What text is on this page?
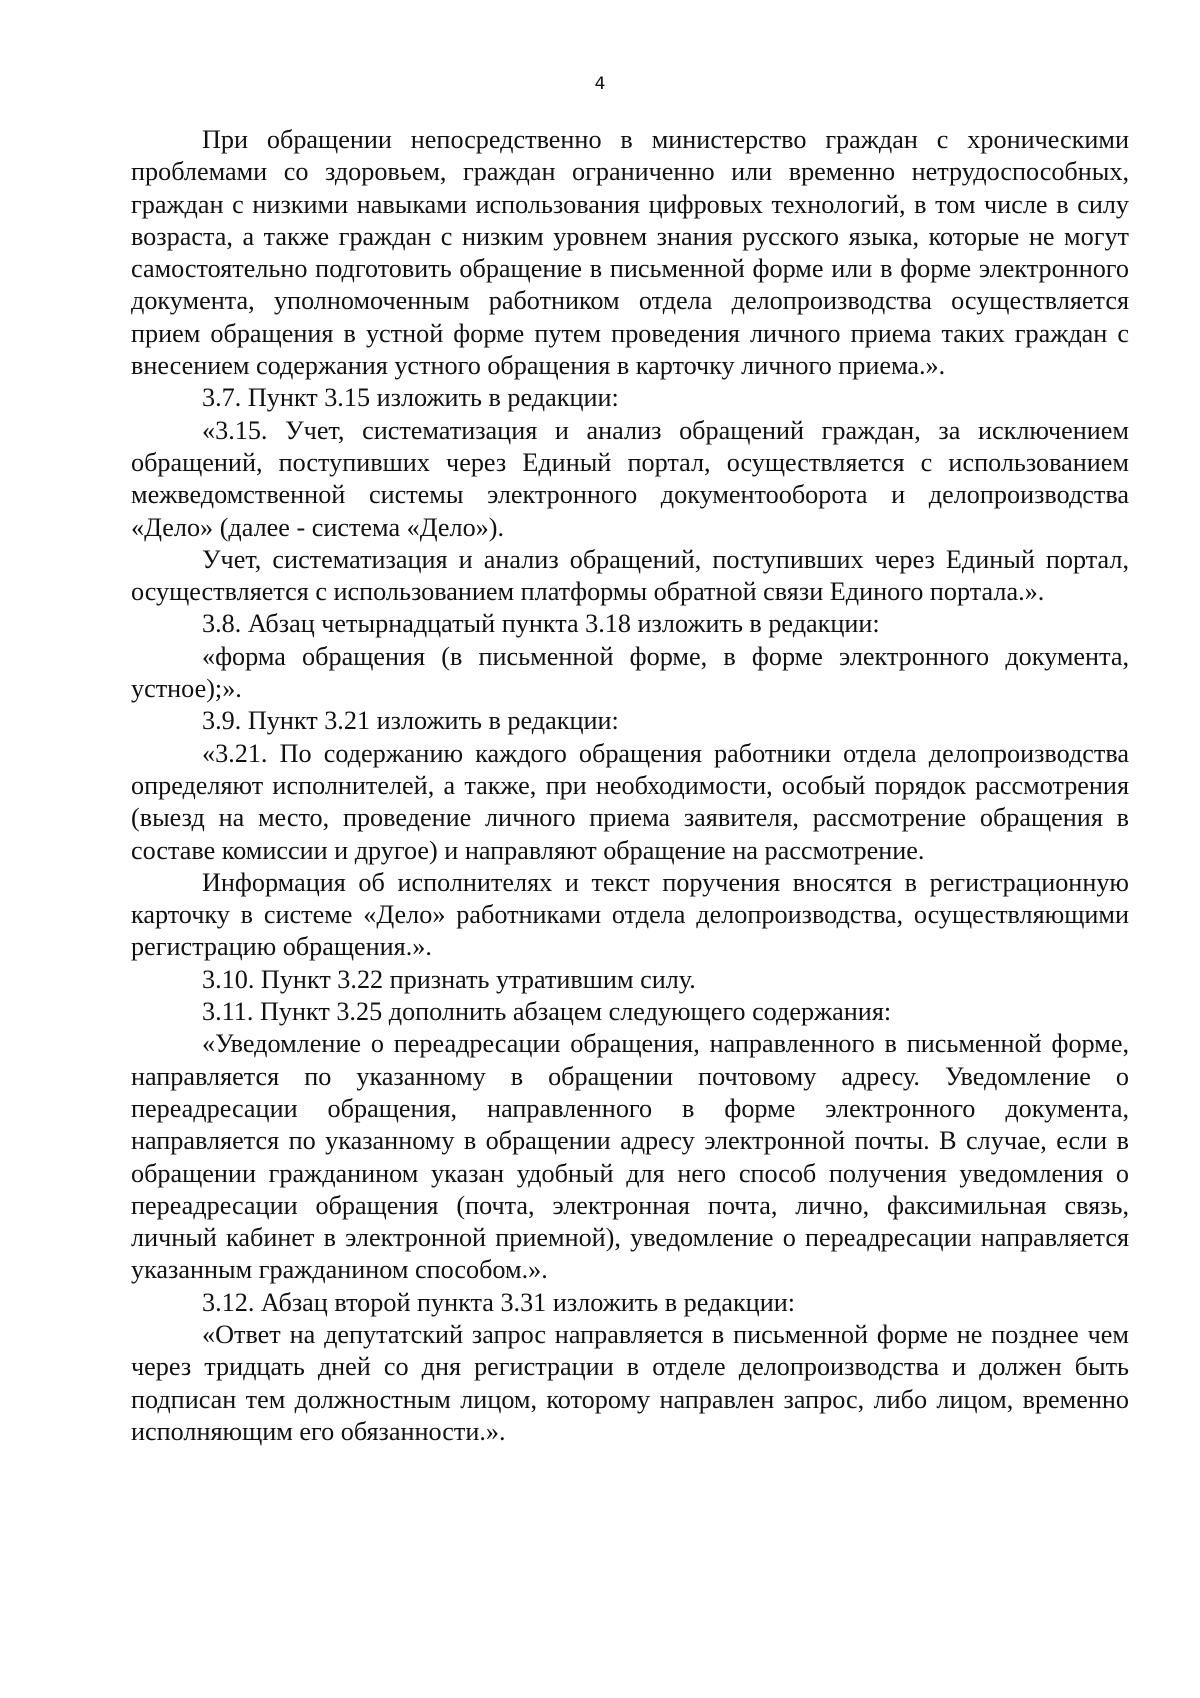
4

При обращении непосредственно в министерство граждан с хроническими проблемами со здоровьем, граждан ограниченно или временно нетрудоспособных, граждан с низкими навыками использования цифровых технологий, в том числе в силу возраста, а также граждан с низким уровнем знания русского языка, которые не могут самостоятельно подготовить обращение в письменной форме или в форме электронного документа, уполномоченным работником отдела делопроизводства осуществляется прием обращения в устной форме путем проведения личного приема таких граждан с внесением содержания устного обращения в карточку личного приема.».

3.7. Пункт 3.15 изложить в редакции:

«3.15. Учет, систематизация и анализ обращений граждан, за исключением обращений, поступивших через Единый портал, осуществляется с использованием межведомственной системы электронного документооборота и делопроизводства «Дело» (далее - система «Дело»).

Учет, систематизация и анализ обращений, поступивших через Единый портал, осуществляется с использованием платформы обратной связи Единого портала.».

3.8. Абзац четырнадцатый пункта 3.18 изложить в редакции:

«форма обращения (в письменной форме, в форме электронного документа, устное);».

3.9. Пункт 3.21 изложить в редакции:

«3.21. По содержанию каждого обращения работники отдела делопроизводства определяют исполнителей, а также, при необходимости, особый порядок рассмотрения (выезд на место, проведение личного приема заявителя, рассмотрение обращения в составе комиссии и другое) и направляют обращение на рассмотрение.

Информация об исполнителях и текст поручения вносятся в регистрационную карточку в системе «Дело» работниками отдела делопроизводства, осуществляющими регистрацию обращения.».

3.10. Пункт 3.22 признать утратившим силу.

3.11. Пункт 3.25 дополнить абзацем следующего содержания:

«Уведомление о переадресации обращения, направленного в письменной форме, направляется по указанному в обращении почтовому адресу. Уведомление о переадресации обращения, направленного в форме электронного документа, направляется по указанному в обращении адресу электронной почты. В случае, если в обращении гражданином указан удобный для него способ получения уведомления о переадресации обращения (почта, электронная почта, лично, факсимильная связь, личный кабинет в электронной приемной), уведомление о переадресации направляется указанным гражданином способом.».

3.12. Абзац второй пункта 3.31 изложить в редакции:

«Ответ на депутатский запрос направляется в письменной форме не позднее чем через тридцать дней со дня регистрации в отделе делопроизводства и должен быть подписан тем должностным лицом, которому направлен запрос, либо лицом, временно исполняющим его обязанности.».
